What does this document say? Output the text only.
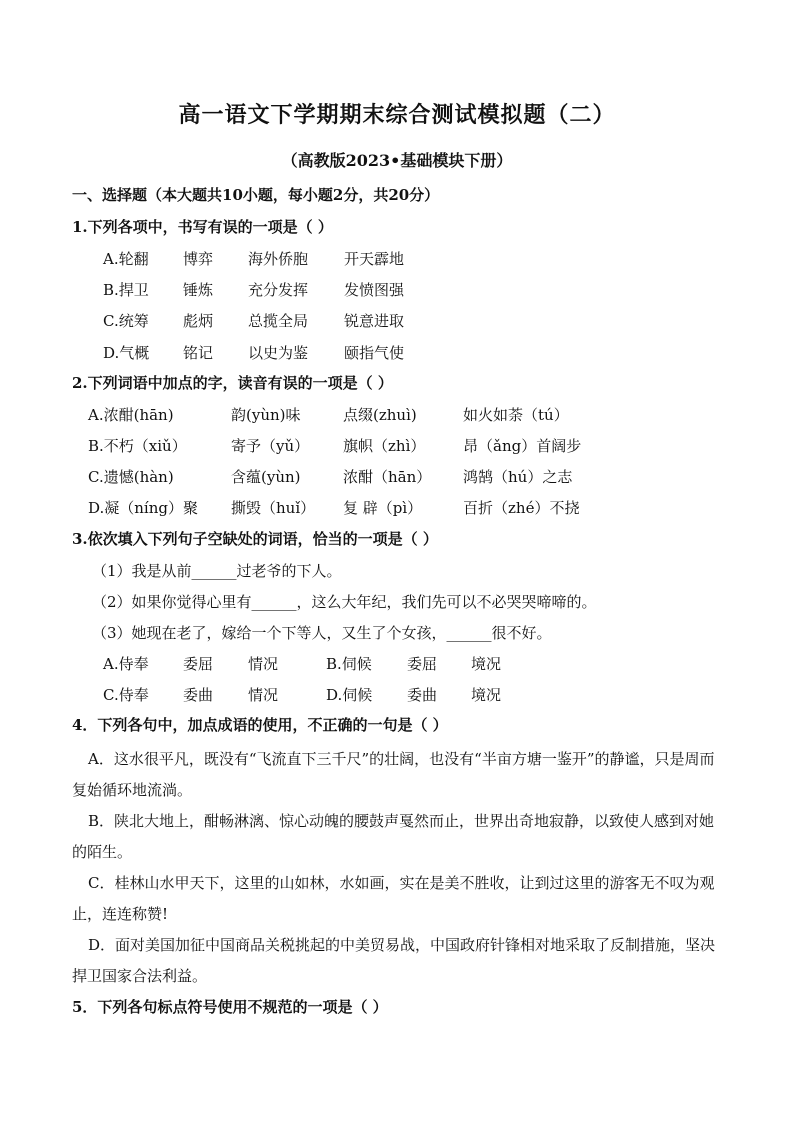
高一语文下学期期末综合测试模拟题（二）
（高教版2023•基础模块下册）
一、选择题（本大题共10小题，每小题2分，共20分）
1.下列各项中，书写有误的一项是（ ）
A.轮翻 博弈 海外侨胞 开天霹地
B.捍卫 锤炼 充分发挥 发愤图强
C.统筹 彪炳 总揽全局 锐意进取
D.气概 铭记 以史为鉴 颐指气使
2.下列词语中加点的字，读音有误的一项是（ ）
A.浓酣(hān)	韵(yùn)味	点缀(zhuì)	如火如荼（tú）
B.不朽（xiǔ）	寄予（yǔ） 旗帜（zhì）	昂（ǎng）首阔步
C.遗憾(hàn)	含蕴(yùn)	浓酣（hān） 鸿鹄（hú）之志
D.凝（níng）聚 撕毁（huǐ） 复 辟（pì）	百折（zhé）不挠
3.依次填入下列句子空缺处的词语，恰当的一项是（ ）
（1）我是从前______过老爷的下人。
（2）如果你觉得心里有______，这么大年纪，我们先可以不必哭哭啼啼的。
（3）她现在老了，嫁给一个下等人，又生了个女孩，______很不好。
A.侍奉 委屈 情况	B.伺候 委屈 境况
C.侍奉 委曲 情况	D.伺候 委曲 境况
4．下列各句中，加点成语的使用，不正确的一句是（ ）
A．这水很平凡，既没有“飞流直下三千尺”的壮阔，也没有“半亩方塘一鉴开”的静谧，只是周而复始循环地流淌。
B．陕北大地上，酣畅淋漓、惊心动魄的腰鼓声戛然而止，世界出奇地寂静，以致使人感到对她的陌生。
C．桂林山水甲天下，这里的山如林，水如画，实在是美不胜收，让到过这里的游客无不叹为观止，连连称赞!
D．面对美国加征中国商品关税挑起的中美贸易战，中国政府针锋相对地采取了反制措施，坚决捍卫国家合法利益。
5．下列各句标点符号使用不规范的一项是（ ）
